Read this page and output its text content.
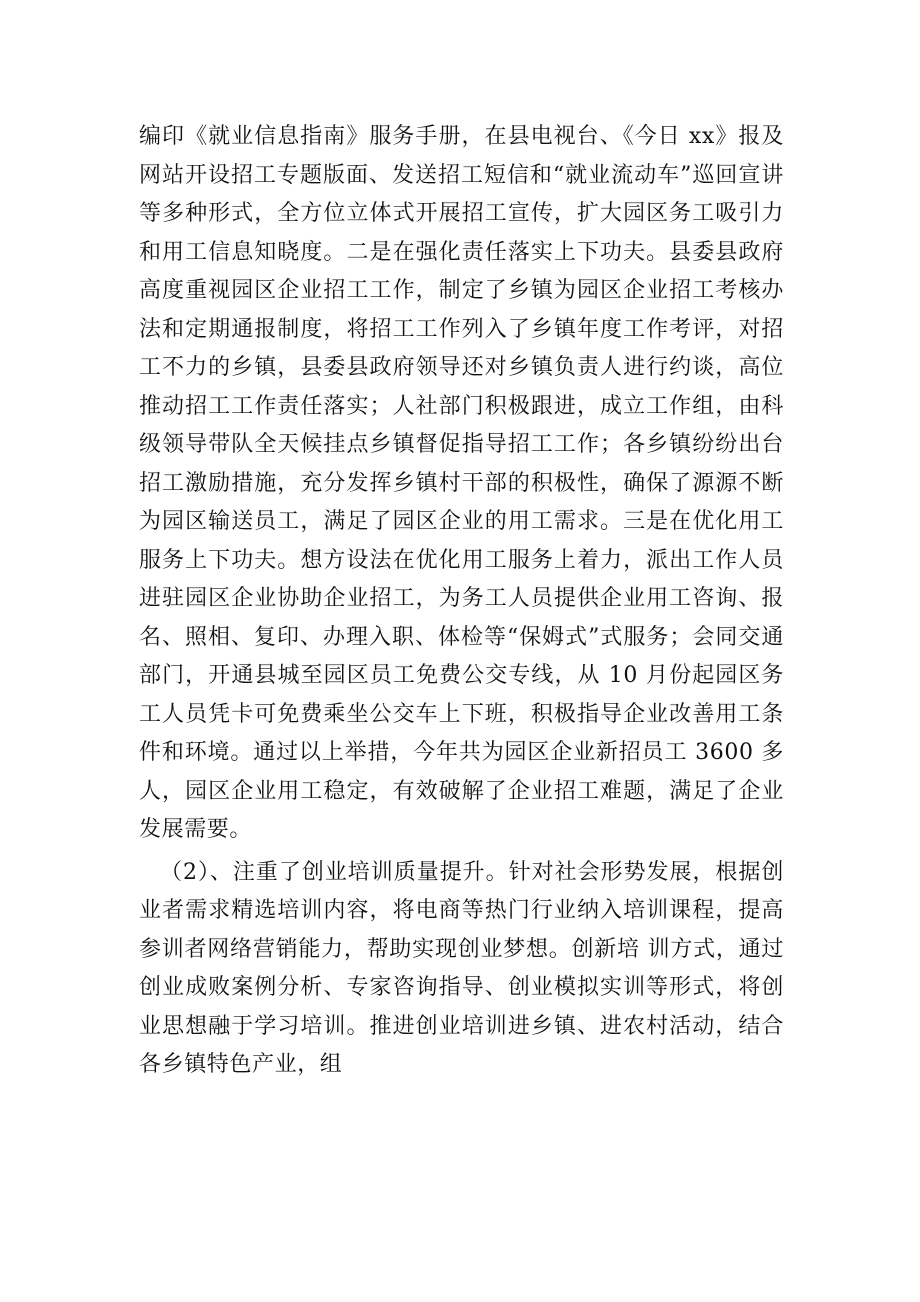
编印《就业信息指南》服务手册，在县电视台、《今日 xx》报及网站开设招工专题版面、发送招工短信和“就业流动车”巡回宣讲等多种形式，全方位立体式开展招工宣传，扩大园区务工吸引力和用工信息知晓度。二是在强化责任落实上下功夫。县委县政府高度重视园区企业招工工作，制定了乡镇为园区企业招工考核办法和定期通报制度，将招工工作列入了乡镇年度工作考评，对招工不力的乡镇，县委县政府领导还对乡镇负责人进行约谈，高位推动招工工作责任落实；人社部门积极跟进，成立工作组，由科级领导带队全天候挂点乡镇督促指导招工工作；各乡镇纷纷出台招工激励措施，充分发挥乡镇村干部的积极性，确保了源源不断为园区输送员工，满足了园区企业的用工需求。三是在优化用工服务上下功夫。想方设法在优化用工服务上着力，派出工作人员进驻园区企业协助企业招工，为务工人员提供企业用工咨询、报名、照相、复印、办理入职、体检等“保姆式”式服务；会同交通部门，开通县城至园区员工免费公交专线，从 10 月份起园区务工人员凭卡可免费乘坐公交车上下班，积极指导企业改善用工条件和环境。通过以上举措，今年共为园区企业新招员工 3600 多人，园区企业用工稳定，有效破解了企业招工难题，满足了企业发展需要。

（2）、注重了创业培训质量提升。针对社会形势发展，根据创业者需求精选培训内容，将电商等热门行业纳入培训课程，提高参训者网络营销能力，帮助实现创业梦想。创新培 训方式，通过创业成败案例分析、专家咨询指导、创业模拟实训等形式，将创业思想融于学习培训。推进创业培训进乡镇、进农村活动，结合各乡镇特色产业，组
